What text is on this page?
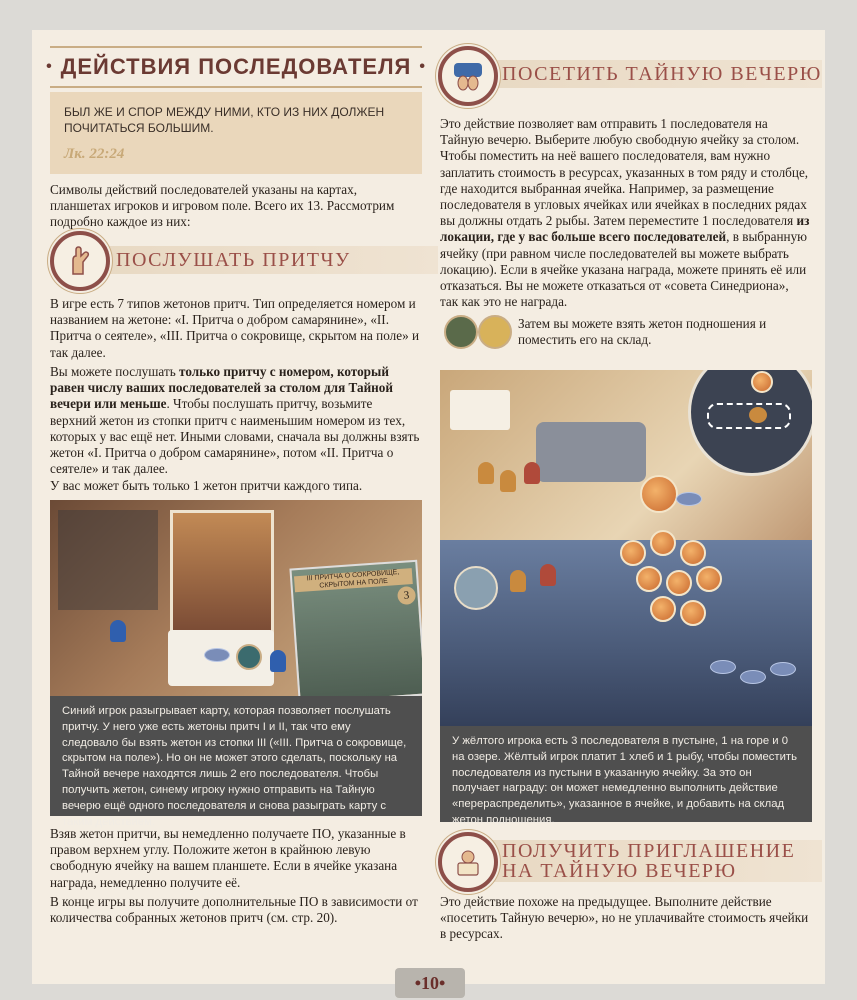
• ДЕЙСТВИЯ ПОСЛЕДОВАТЕЛЯ •
БЫЛ ЖЕ И СПОР МЕЖДУ НИМИ, КТО ИЗ НИХ ДОЛЖЕН ПОЧИТАТЬСЯ БОЛЬШИМ.
Лк. 22:24
Символы действий последователей указаны на картах, планшетах игроков и игровом поле. Всего их 13. Рассмотрим подробно каждое из них:
ПОСЛУШАТЬ ПРИТЧУ
В игре есть 7 типов жетонов притч. Тип определяется номером и названием на жетоне: «I. Притча о добром самарянине», «II. Притча о сеятеле», «III. Притча о сокровище, скрытом на поле» и так далее.
Вы можете послушать только притчу с номером, который равен числу ваших последователей за столом для Тайной вечери или меньше. Чтобы послушать притчу, возьмите верхний жетон из стопки притч с наименьшим номером из тех, которых у вас ещё нет. Иными словами, сначала вы должны взять жетон «I. Притча о добром самарянине», потом «II. Притча о сеятеле» и так далее.
У вас может быть только 1 жетон притчи каждого типа.
III ПРИТЧА О СОКРОВИЩЕ, СКРЫТОМ НА ПОЛЕ
3
Синий игрок разыгрывает карту, которая позволяет послушать притчу. У него уже есть жетоны притч I и II, так что ему следовало бы взять жетон из стопки III («III. Притча о сокровище, скрытом на поле»). Но он не может этого сделать, поскольку на Тайной вечере находятся лишь 2 его последователя. Чтобы получить жетон, синему игроку нужно отправить на Тайную вечерю ещё одного последователя и снова разыграть карту с таким действием.
Взяв жетон притчи, вы немедленно получаете ПО, указанные в правом верхнем углу. Положите жетон в крайнюю левую свободную ячейку на вашем планшете. Если в ячейке указана награда, немедленно получите её.
В конце игры вы получите дополнительные ПО в зависимости от количества собранных жетонов притч (см. стр. 20).
ПОСЕТИТЬ ТАЙНУЮ ВЕЧЕРЮ
Это действие позволяет вам отправить 1 последователя на Тайную вечерю. Выберите любую свободную ячейку за столом. Чтобы поместить на неё вашего последователя, вам нужно заплатить стоимость в ресурсах, указанных в том ряду и столбце, где находится выбранная ячейка. Например, за размещение последователя в угловых ячейках или ячейках в последних рядах вы должны отдать 2 рыбы. Затем переместите 1 последователя из локации, где у вас больше всего последователей, в выбранную ячейку (при равном числе последователей вы можете выбрать локацию). Если в ячейке указана награда, можете принять её или отказаться. Вы не можете отказаться от «совета Синедриона», так как это не награда.
Затем вы можете взять жетон подношения и поместить его на склад.
У жёлтого игрока есть 3 последователя в пустыне, 1 на горе и 0 на озере. Жёлтый игрок платит 1 хлеб и 1 рыбу, чтобы поместить последователя из пустыни в указанную ячейку. За это он получает награду: он может немедленно выполнить действие «перераспределить», указанное в ячейке, и добавить на склад жетон подношения.
ПОЛУЧИТЬ ПРИГЛАШЕНИЕ
НА ТАЙНУЮ ВЕЧЕРЮ
Это действие похоже на предыдущее. Выполните действие «посетить Тайную вечерю», но не уплачивайте стоимость ячейки в ресурсах.
• 10 •
